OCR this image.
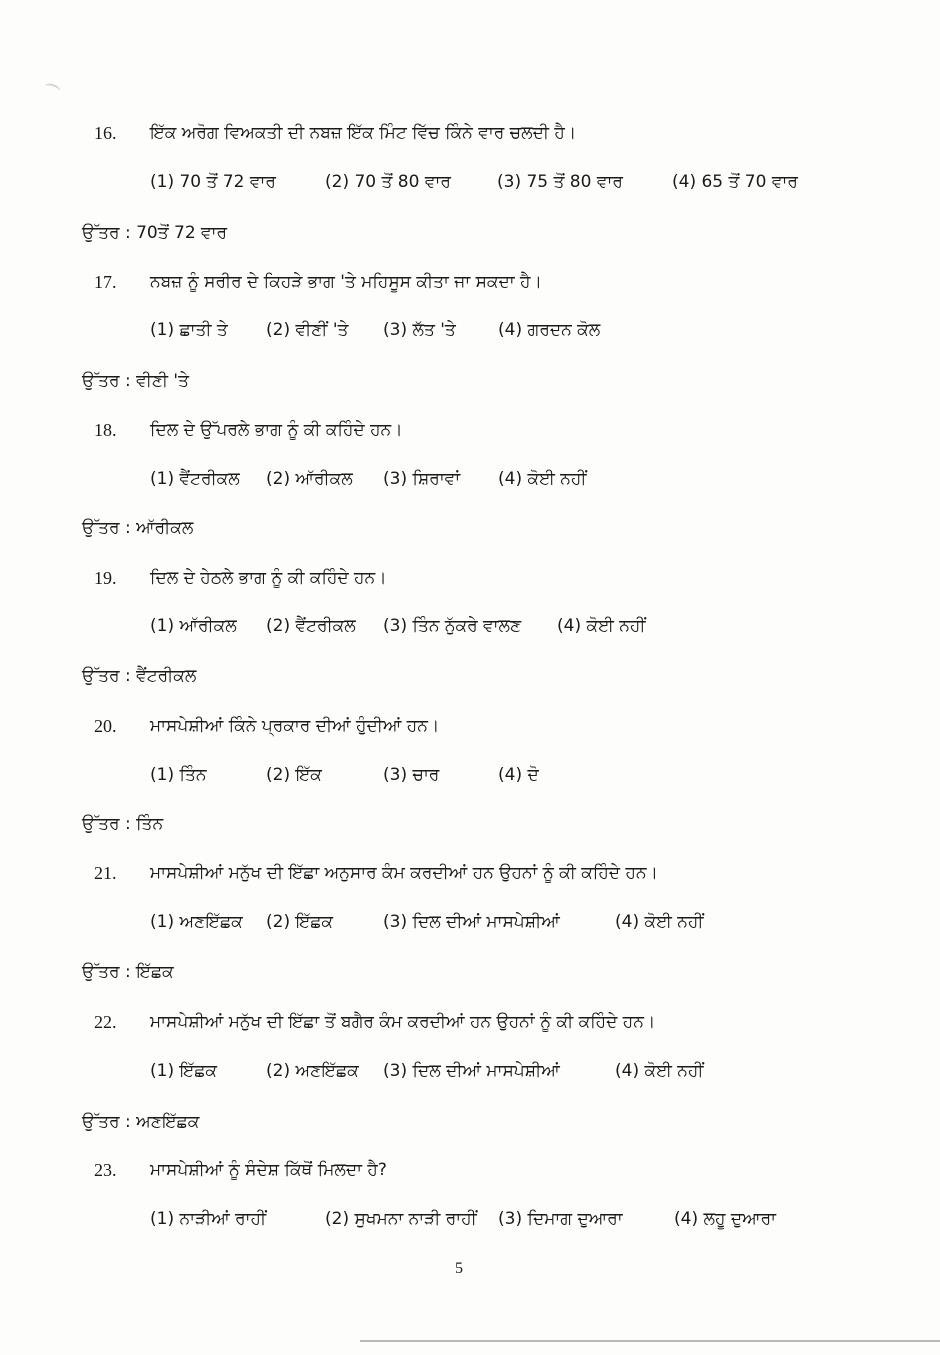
16.	ਇੱਕ ਅਰੋਗ ਵਿਅਕਤੀ ਦੀ ਨਬਜ਼ ਇੱਕ ਮਿੰਟ ਵਿੱਚ ਕਿੰਨੇ ਵਾਰ ਚਲਦੀ ਹੈ।
(1) 70 ਤੋਂ 72 ਵਾਰ	(2) 70 ਤੋਂ 80 ਵਾਰ	(3) 75 ਤੋਂ 80 ਵਾਰ	(4) 65 ਤੋਂ 70 ਵਾਰ
ਉੱਤਰ : 70ਤੋਂ 72 ਵਾਰ
17.	ਨਬਜ਼ ਨੂੰ ਸਰੀਰ ਦੇ ਕਿਹੜੇ ਭਾਗ 'ਤੇ ਮਹਿਸੂਸ ਕੀਤਾ ਜਾ ਸਕਦਾ ਹੈ।
(1) ਛਾਤੀ ਤੇ (2) ਵੀਣੀਂ 'ਤੇ (3) ਲੱਤ 'ਤੇ (4) ਗਰਦਨ ਕੋਲ
ਉੱਤਰ : ਵੀਣੀ 'ਤੇ
18.	ਦਿਲ ਦੇ ਉੱਪਰਲੇ ਭਾਗ ਨੂੰ ਕੀ ਕਹਿੰਦੇ ਹਨ।
(1) ਵੈਂਟਰੀਕਲ (2) ਆੱਰੀਕਲ (3) ਸ਼ਿਰਾਵਾਂ (4) ਕੋਈ ਨਹੀਂ
ਉੱਤਰ : ਆੱਰੀਕਲ
19.	ਦਿਲ ਦੇ ਹੇਠਲੇ ਭਾਗ ਨੂੰ ਕੀ ਕਹਿੰਦੇ ਹਨ।
(1) ਆੱਰੀਕਲ (2) ਵੈਂਟਰੀਕਲ (3) ਤਿੰਨ ਨੁੱਕਰੇ ਵਾਲਣ (4) ਕੋਈ ਨਹੀਂ
ਉੱਤਰ : ਵੈਂਟਰੀਕਲ
20.	ਮਾਸਪੇਸ਼ੀਆਂ ਕਿੰਨੇ ਪ੍ਰਕਾਰ ਦੀਆਂ ਹੁੰਦੀਆਂ ਹਨ।
(1) ਤਿੰਨ	(2) ਇੱਕ	(3) ਚਾਰ	(4) ਦੋ
ਉੱਤਰ : ਤਿੰਨ
21.	ਮਾਸਪੇਸ਼ੀਆਂ ਮਨੁੱਖ ਦੀ ਇੱਛਾ ਅਨੁਸਾਰ ਕੰਮ ਕਰਦੀਆਂ ਹਨ ਉਹਨਾਂ ਨੂੰ ਕੀ ਕਹਿੰਦੇ ਹਨ।
(1) ਅਣਇੱਛਕ (2) ਇੱਛਕ	(3) ਦਿਲ ਦੀਆਂ ਮਾਸਪੇਸ਼ੀਆਂ	(4) ਕੋਈ ਨਹੀਂ
ਉੱਤਰ : ਇੱਛਕ
22.	ਮਾਸਪੇਸ਼ੀਆਂ ਮਨੁੱਖ ਦੀ ਇੱਛਾ ਤੋਂ ਬਗੈਰ ਕੰਮ ਕਰਦੀਆਂ ਹਨ ਉਹਨਾਂ ਨੂੰ ਕੀ ਕਹਿੰਦੇ ਹਨ।
(1) ਇੱਛਕ	(2) ਅਣਇੱਛਕ (3) ਦਿਲ ਦੀਆਂ ਮਾਸਪੇਸ਼ੀਆਂ	(4) ਕੋਈ ਨਹੀਂ
ਉੱਤਰ : ਅਣਇੱਛਕ
23.	ਮਾਸਪੇਸ਼ੀਆਂ ਨੂੰ ਸੰਦੇਸ਼ ਕਿੱਥੋਂ ਮਿਲਦਾ ਹੈ?
(1) ਨਾੜੀਆਂ ਰਾਹੀਂ	(2) ਸੁਖਮਨਾ ਨਾੜੀ ਰਾਹੀਂ (3) ਦਿਮਾਗ ਦੁਆਰਾ	(4) ਲਹੂ ਦੁਆਰਾ
5
